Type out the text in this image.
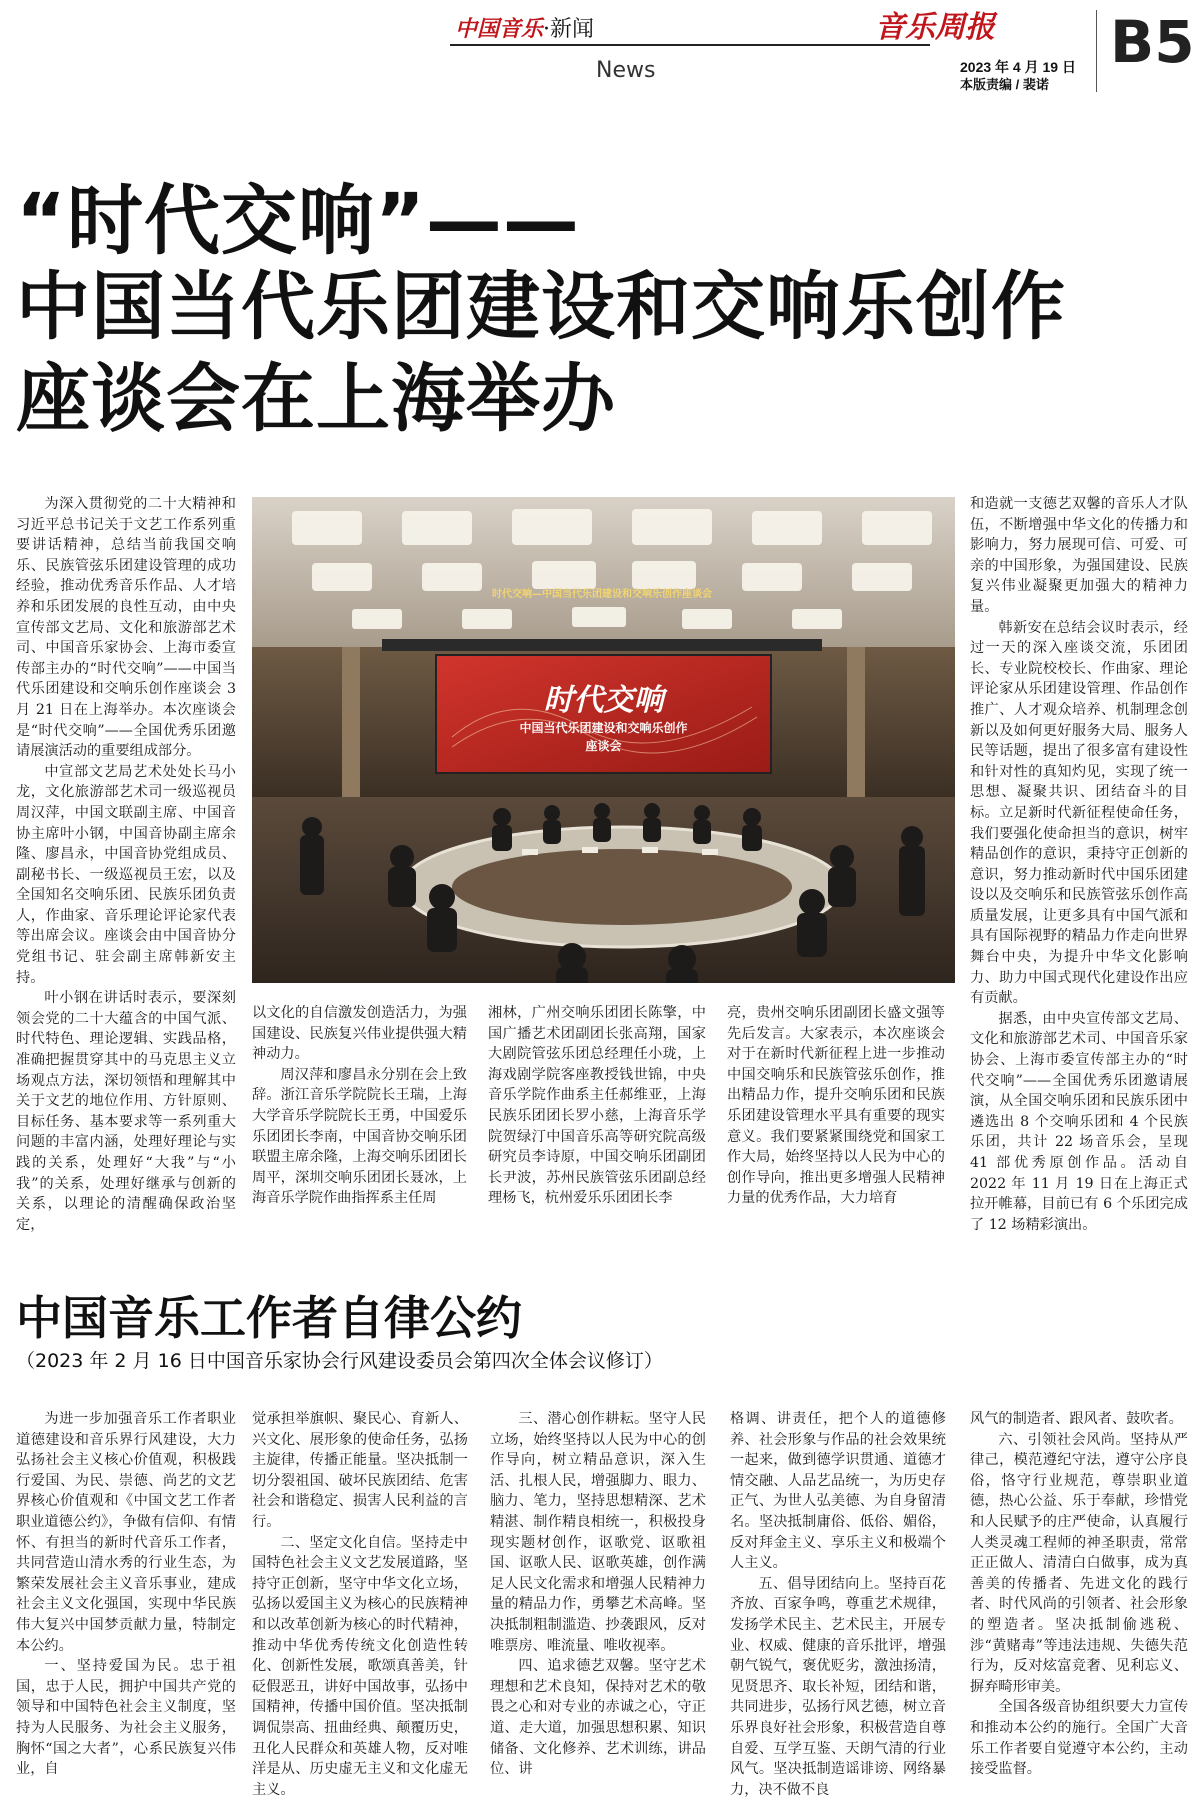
中国音乐·新闻
News
音乐周报
2023 年 4 月 19 日
本版责编 / 裴诺
B5
“时代交响”——
中国当代乐团建设和交响乐创作
座谈会在上海举办
时代交响—中国当代乐团建设和交响乐创作座谈会
时代交响
中国当代乐团建设和交响乐创作
座谈会

为深入贯彻党的二十大精神和习近平总书记关于文艺工作系列重要讲话精神，总结当前我国交响乐、民族管弦乐团建设管理的成功经验，推动优秀音乐作品、人才培养和乐团发展的良性互动，由中央宣传部文艺局、文化和旅游部艺术司、中国音乐家协会、上海市委宣传部主办的“时代交响”——中国当代乐团建设和交响乐创作座谈会 3 月 21 日在上海举办。本次座谈会是“时代交响”——全国优秀乐团邀请展演活动的重要组成部分。

中宣部文艺局艺术处处长马小龙，文化旅游部艺术司一级巡视员周汉萍，中国文联副主席、中国音协主席叶小钢，中国音协副主席余隆、廖昌永，中国音协党组成员、副秘书长、一级巡视员王宏，以及全国知名交响乐团、民族乐团负责人，作曲家、音乐理论评论家代表等出席会议。座谈会由中国音协分党组书记、驻会副主席韩新安主持。

叶小钢在讲话时表示，要深刻领会党的二十大蕴含的中国气派、时代特色、理论逻辑、实践品格，准确把握贯穿其中的马克思主义立场观点方法，深切领悟和理解其中关于文艺的地位作用、方针原则、目标任务、基本要求等一系列重大问题的丰富内涵，处理好理论与实践的关系，处理好“大我”与“小我”的关系，处理好继承与创新的关系，以理论的清醒确保政治坚定，

以文化的自信激发创造活力，为强国建设、民族复兴伟业提供强大精神动力。

周汉萍和廖昌永分别在会上致辞。浙江音乐学院院长王瑞，上海大学音乐学院院长王勇，中国爱乐乐团团长李南，中国音协交响乐团联盟主席余隆，上海交响乐团团长周平，深圳交响乐团团长聂冰，上海音乐学院作曲指挥系主任周

湘林，广州交响乐团团长陈擎，中国广播艺术团副团长张高翔，国家大剧院管弦乐团总经理任小珑，上海戏剧学院客座教授钱世锦，中央音乐学院作曲系主任郝维亚，上海民族乐团团长罗小慈，上海音乐学院贺绿汀中国音乐高等研究院高级研究员李诗原，中国交响乐团副团长尹波，苏州民族管弦乐团副总经理杨飞，杭州爱乐乐团团长李

亮，贵州交响乐团副团长盛文强等先后发言。大家表示，本次座谈会对于在新时代新征程上进一步推动中国交响乐和民族管弦乐创作，推出精品力作，提升交响乐团和民族乐团建设管理水平具有重要的现实意义。我们要紧紧围绕党和国家工作大局，始终坚持以人民为中心的创作导向，推出更多增强人民精神力量的优秀作品，大力培育

和造就一支德艺双馨的音乐人才队伍，不断增强中华文化的传播力和影响力，努力展现可信、可爱、可亲的中国形象，为强国建设、民族复兴伟业凝聚更加强大的精神力量。

韩新安在总结会议时表示，经过一天的深入座谈交流，乐团团长、专业院校校长、作曲家、理论评论家从乐团建设管理、作品创作推广、人才观众培养、机制理念创新以及如何更好服务大局、服务人民等话题，提出了很多富有建设性和针对性的真知灼见，实现了统一思想、凝聚共识、团结奋斗的目标。立足新时代新征程使命任务，我们要强化使命担当的意识，树牢精品创作的意识，秉持守正创新的意识，努力推动新时代中国乐团建设以及交响乐和民族管弦乐创作高质量发展，让更多具有中国气派和具有国际视野的精品力作走向世界舞台中央，为提升中华文化影响力、助力中国式现代化建设作出应有贡献。

据悉，由中央宣传部文艺局、文化和旅游部艺术司、中国音乐家协会、上海市委宣传部主办的“时代交响”——全国优秀乐团邀请展演，从全国交响乐团和民族乐团中遴选出 8 个交响乐团和 4 个民族乐团，共计 22 场音乐会，呈现 41 部优秀原创作品。活动自 2022 年 11 月 19 日在上海正式拉开帷幕，目前已有 6 个乐团完成了 12 场精彩演出。

中国音乐工作者自律公约
（2023 年 2 月 16 日中国音乐家协会行风建设委员会第四次全体会议修订）

为进一步加强音乐工作者职业道德建设和音乐界行风建设，大力弘扬社会主义核心价值观，积极践行爱国、为民、崇德、尚艺的文艺界核心价值观和《中国文艺工作者职业道德公约》，争做有信仰、有情怀、有担当的新时代音乐工作者，共同营造山清水秀的行业生态，为繁荣发展社会主义音乐事业，建成社会主义文化强国，实现中华民族伟大复兴中国梦贡献力量，特制定本公约。

一、坚持爱国为民。忠于祖国，忠于人民，拥护中国共产党的领导和中国特色社会主义制度，坚持为人民服务、为社会主义服务，胸怀“国之大者”，心系民族复兴伟业，自

觉承担举旗帜、聚民心、育新人、兴文化、展形象的使命任务，弘扬主旋律，传播正能量。坚决抵制一切分裂祖国、破坏民族团结、危害社会和谐稳定、损害人民利益的言行。

二、坚定文化自信。坚持走中国特色社会主义文艺发展道路，坚持守正创新，坚守中华文化立场，弘扬以爱国主义为核心的民族精神和以改革创新为核心的时代精神，推动中华优秀传统文化创造性转化、创新性发展，歌颂真善美，针砭假恶丑，讲好中国故事，弘扬中国精神，传播中国价值。坚决抵制调侃崇高、扭曲经典、颠覆历史，丑化人民群众和英雄人物，反对唯洋是从、历史虚无主义和文化虚无主义。

三、潜心创作耕耘。坚守人民立场，始终坚持以人民为中心的创作导向，树立精品意识，深入生活、扎根人民，增强脚力、眼力、脑力、笔力，坚持思想精深、艺术精湛、制作精良相统一，积极投身现实题材创作，讴歌党、讴歌祖国、讴歌人民、讴歌英雄，创作满足人民文化需求和增强人民精神力量的精品力作，勇攀艺术高峰。坚决抵制粗制滥造、抄袭跟风，反对唯票房、唯流量、唯收视率。

四、追求德艺双馨。坚守艺术理想和艺术良知，保持对艺术的敬畏之心和对专业的赤诚之心，守正道、走大道，加强思想积累、知识储备、文化修养、艺术训练，讲品位、讲

格调、讲责任，把个人的道德修养、社会形象与作品的社会效果统一起来，做到德学识贯通、道德才情交融、人品艺品统一，为历史存正气、为世人弘美德、为自身留清名。坚决抵制庸俗、低俗、媚俗，反对拜金主义、享乐主义和极端个人主义。

五、倡导团结向上。坚持百花齐放、百家争鸣，尊重艺术规律，发扬学术民主、艺术民主，开展专业、权威、健康的音乐批评，增强朝气锐气，褒优贬劣，激浊扬清，见贤思齐、取长补短，团结和谐，共同进步，弘扬行风艺德，树立音乐界良好社会形象，积极营造自尊自爱、互学互鉴、天朗气清的行业风气。坚决抵制造谣诽谤、网络暴力，决不做不良

风气的制造者、跟风者、鼓吹者。

六、引领社会风尚。坚持从严律己，模范遵纪守法，遵守公序良俗，恪守行业规范，尊崇职业道德，热心公益、乐于奉献，珍惜党和人民赋予的庄严使命，认真履行人类灵魂工程师的神圣职责，常常正正做人、清清白白做事，成为真善美的传播者、先进文化的践行者、时代风尚的引领者、社会形象的塑造者。坚决抵制偷逃税、涉“黄赌毒”等违法违规、失德失范行为，反对炫富竞奢、见利忘义、摒弃畸形审美。

全国各级音协组织要大力宣传和推动本公约的施行。全国广大音乐工作者要自觉遵守本公约，主动接受监督。
